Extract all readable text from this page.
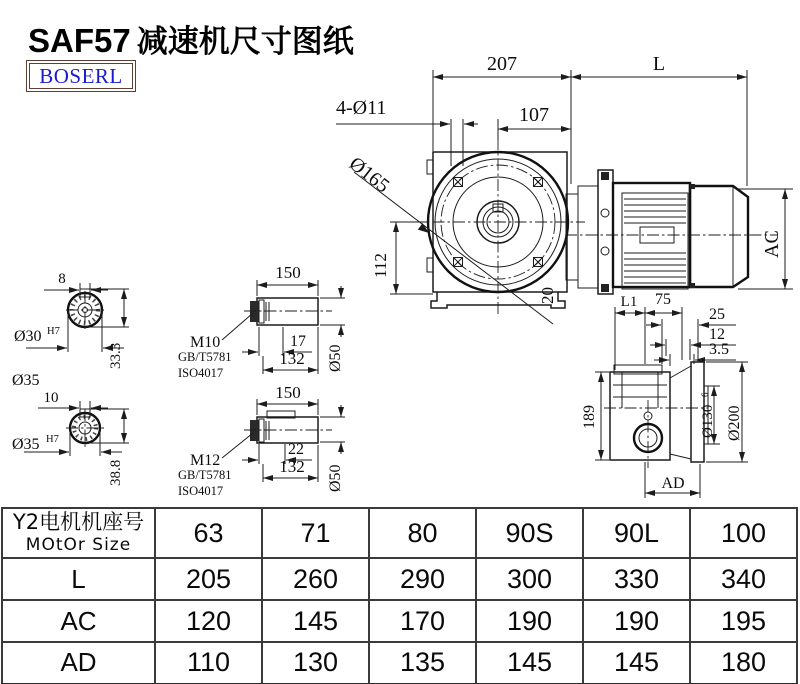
SAF57 减速机尺寸图纸
BOSERL	207	L
107
4-Ø11
Ø165
112
AC
20
8
Ø30 H7
33.3
Ø35
10
Ø35 H7
38.8
150
M10
GB/T5781
ISO4017
17
132 Ø50
150
M12
GB/T5781
ISO4017
22
132 Ø50
L1 75
25
12
3.5
189	Ø130
6
Ø200
AD
Y2电机机座号
MOtOr Size	63	71	80	90S	90L	100
L	205	260	290	300	330	340
AC	120	145	170	190	190	195
AD	110	130	135	145	145	180
